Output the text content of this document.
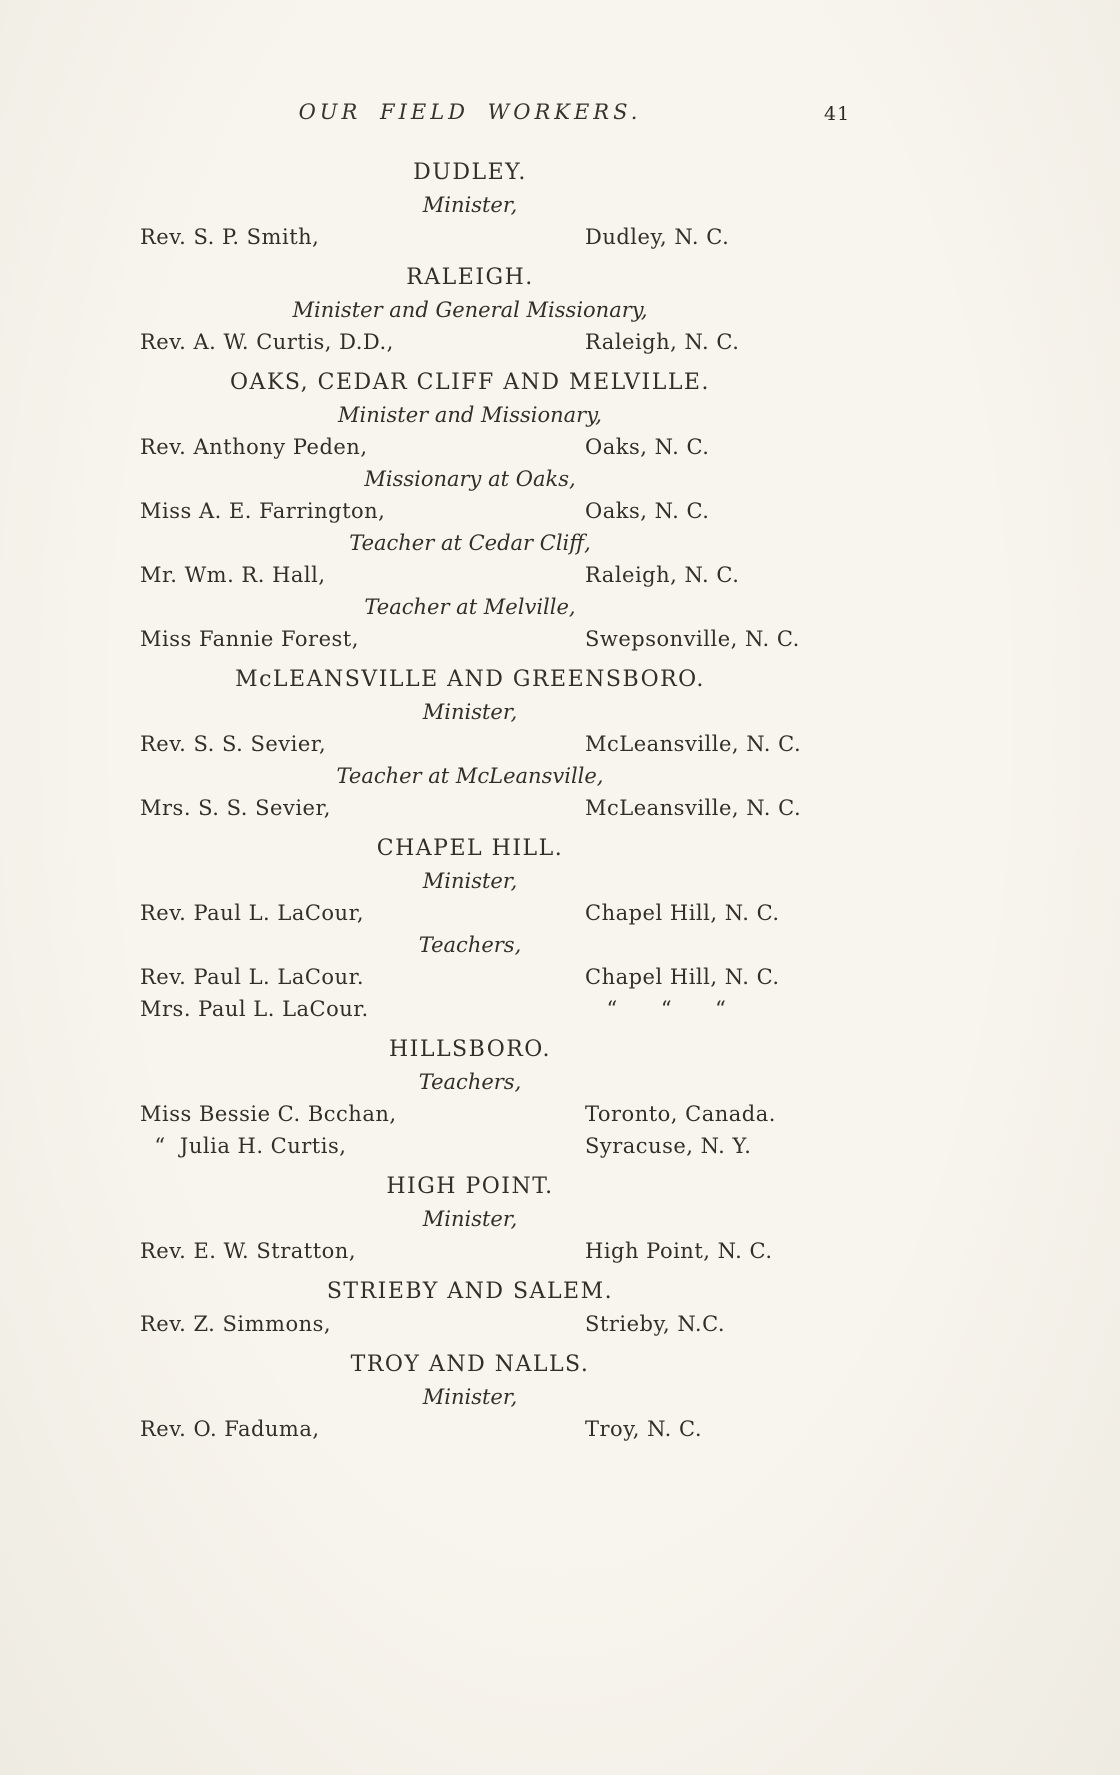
OUR FIELD WORKERS.	41
DUDLEY.
Minister,
Rev. S. P. Smith,	Dudley, N. C.
RALEIGH.
Minister and General Missionary,
Rev. A. W. Curtis, D.D.,	Raleigh, N. C.
OAKS, CEDAR CLIFF AND MELVILLE.
Minister and Missionary,
Rev. Anthony Peden,	Oaks, N. C.
Missionary at Oaks,
Miss A. E. Farrington,	Oaks, N. C.
Teacher at Cedar Cliff,
Mr. Wm. R. Hall,	Raleigh, N. C.
Teacher at Melville,
Miss Fannie Forest,	Swepsonville, N. C.
McLEANSVILLE AND GREENSBORO.
Minister,
Rev. S. S. Sevier,	McLeansville, N. C.
Teacher at McLeansville,
Mrs. S. S. Sevier,	McLeansville, N. C.
CHAPEL HILL.
Minister,
Rev. Paul L. LaCour,	Chapel Hill, N. C.
Teachers,
Rev. Paul L. LaCour.	Chapel Hill, N. C.
Mrs. Paul L. LaCour.	“      “      “
HILLSBORO.
Teachers,
Miss Bessie C. Bcchan,	Toronto, Canada.
“  Julia H. Curtis,	Syracuse, N. Y.
HIGH POINT.
Minister,
Rev. E. W. Stratton,	High Point, N. C.
STRIEBY AND SALEM.
Rev. Z. Simmons,	Strieby, N.C.
TROY AND NALLS.
Minister,
Rev. O. Faduma,	Troy, N. C.
